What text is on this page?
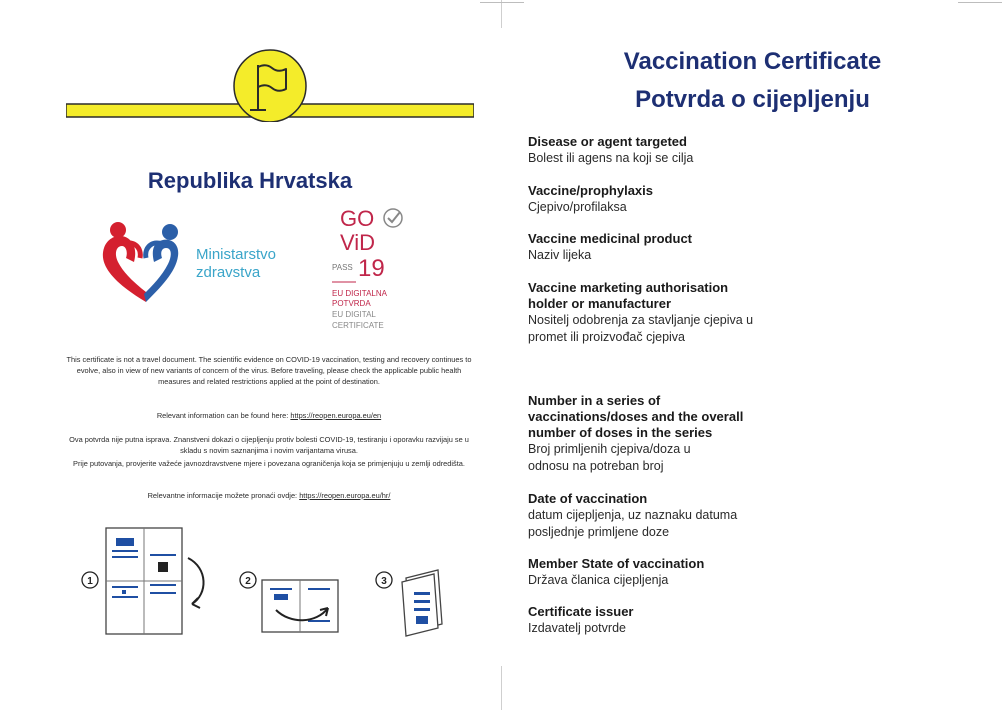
Republika Hrvatska
Ministarstvo
zdravstva
GO
ViD
PASS 19
EU DIGITALNA
POTVRDA
EU DIGITAL
CERTIFICATE

This certificate is not a travel document. The scientific evidence on COVID-19 vaccination, testing and recovery continues to evolve, also in view of new variants of concern of the virus. Before traveling, please check the applicable public health measures and related restrictions applied at the point of destination.

Relevant information can be found here: https://reopen.europa.eu/en

Ova potvrda nije putna isprava. Znanstveni dokazi o cijepljenju protiv bolesti COVID-19, testiranju i oporavku razvijaju se u skladu s novim saznanjima i novim varijantama virusa.

Prije putovanja, provjerite važeće javnozdravstvene mjere i povezana ograničenja koja se primjenjuju u zemlji odredišta.

Relevantne informacije možete pronaći ovdje: https://reopen.europa.eu/hr/

1	2	3
Vaccination Certificate
Potvrda o cijepljenju
Disease or agent targeted
Bolest ili agens na koji se cilja
Vaccine/prophylaxis
Cjepivo/profilaksa
Vaccine medicinal product
Naziv lijeka
Vaccine marketing authorisation holder or manufacturer
Nositelj odobrenja za stavljanje cjepiva u promet ili proizvođač cjepiva
Number in a series of vaccinations/doses and the overall number of doses in the series
Broj primljenih cjepiva/doza u odnosu na potreban broj
Date of vaccination
datum cijepljenja, uz naznaku datuma posljednje primljene doze
Member State of vaccination
Država članica cijepljenja
Certificate issuer
Izdavatelj potvrde
